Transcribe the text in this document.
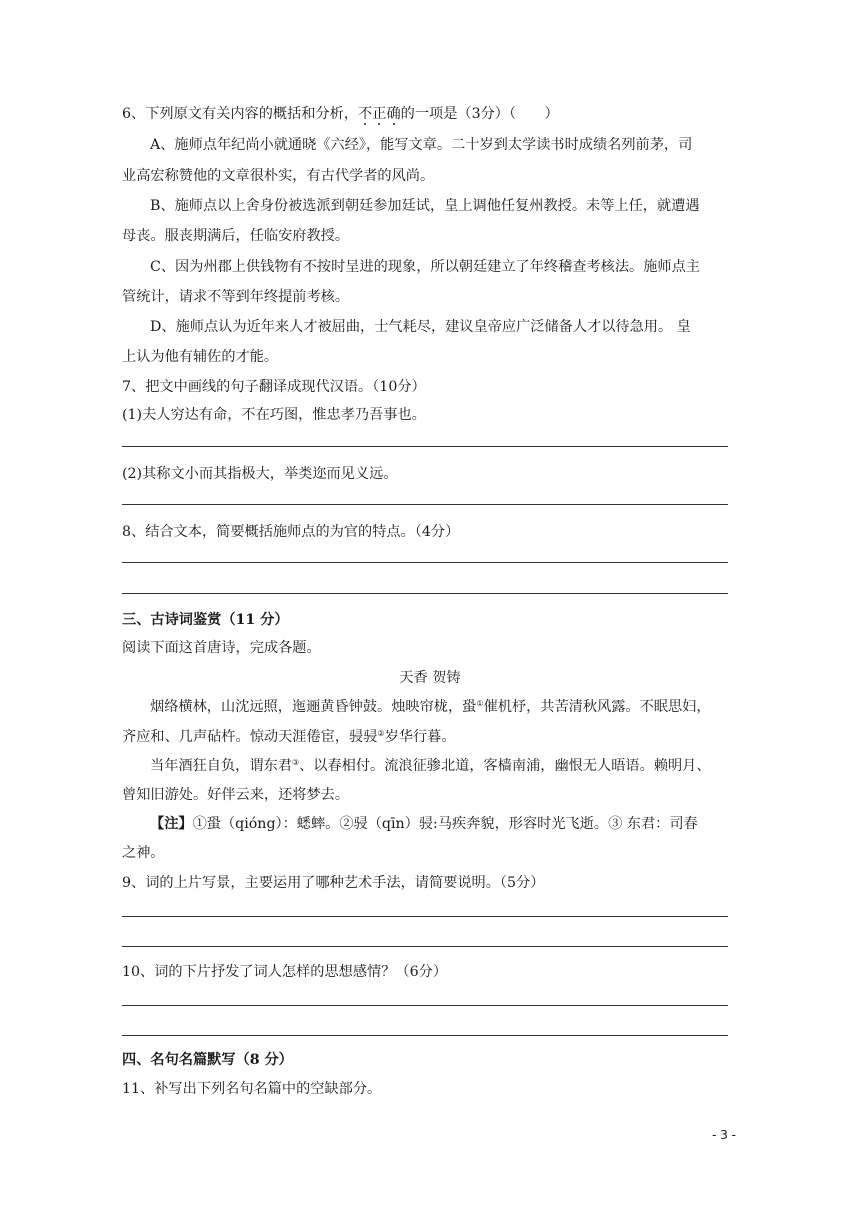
6、下列原文有关内容的概括和分析，不正确的一项是（3分）（　　）
A、施师点年纪尚小就通晓《六经》，能写文章。二十岁到太学读书时成绩名列前茅，司
业高宏称赞他的文章很朴实，有古代学者的风尚。
B、施师点以上舍身份被选派到朝廷参加廷试，皇上调他任复州教授。未等上任，就遭遇
母丧。服丧期满后，任临安府教授。
C、因为州郡上供钱物有不按时呈进的现象，所以朝廷建立了年终稽查考核法。施师点主
管统计，请求不等到年终提前考核。
D、施师点认为近年来人才被屈曲，士气耗尽，建议皇帝应广泛储备人才以待急用。 皇
上认为他有辅佐的才能。
7、把文中画线的句子翻译成现代汉语。（10分）
(1)夫人穷达有命，不在巧图，惟忠孝乃吾事也。
(2)其称文小而其指极大，举类迩而见义远。
8、结合文本，简要概括施师点的为官的特点。（4分）
三、古诗词鉴赏（11 分）
阅读下面这首唐诗，完成各题。
天香 贺铸
烟络横林，山沈远照，迤逦黄昏钟鼓。烛映帘栊，蛩①催机杼，共苦清秋风露。不眠思妇，
齐应和、几声砧杵。惊动天涯倦宦，骎骎②岁华行暮。
当年酒狂自负，谓东君③、以春相付。流浪征骖北道，客樯南浦，幽恨无人晤语。赖明月、
曾知旧游处。好伴云来，还将梦去。
【注】①蛩（qióng）：蟋蟀。②骎（qīn）骎:马疾奔貌，形容时光飞逝。③ 东君：司春
之神。
9、词的上片写景，主要运用了哪种艺术手法，请简要说明。（5分）
10、词的下片抒发了词人怎样的思想感情？（6分）
四、名句名篇默写（8 分）
11、补写出下列名句名篇中的空缺部分。
- 3 -
